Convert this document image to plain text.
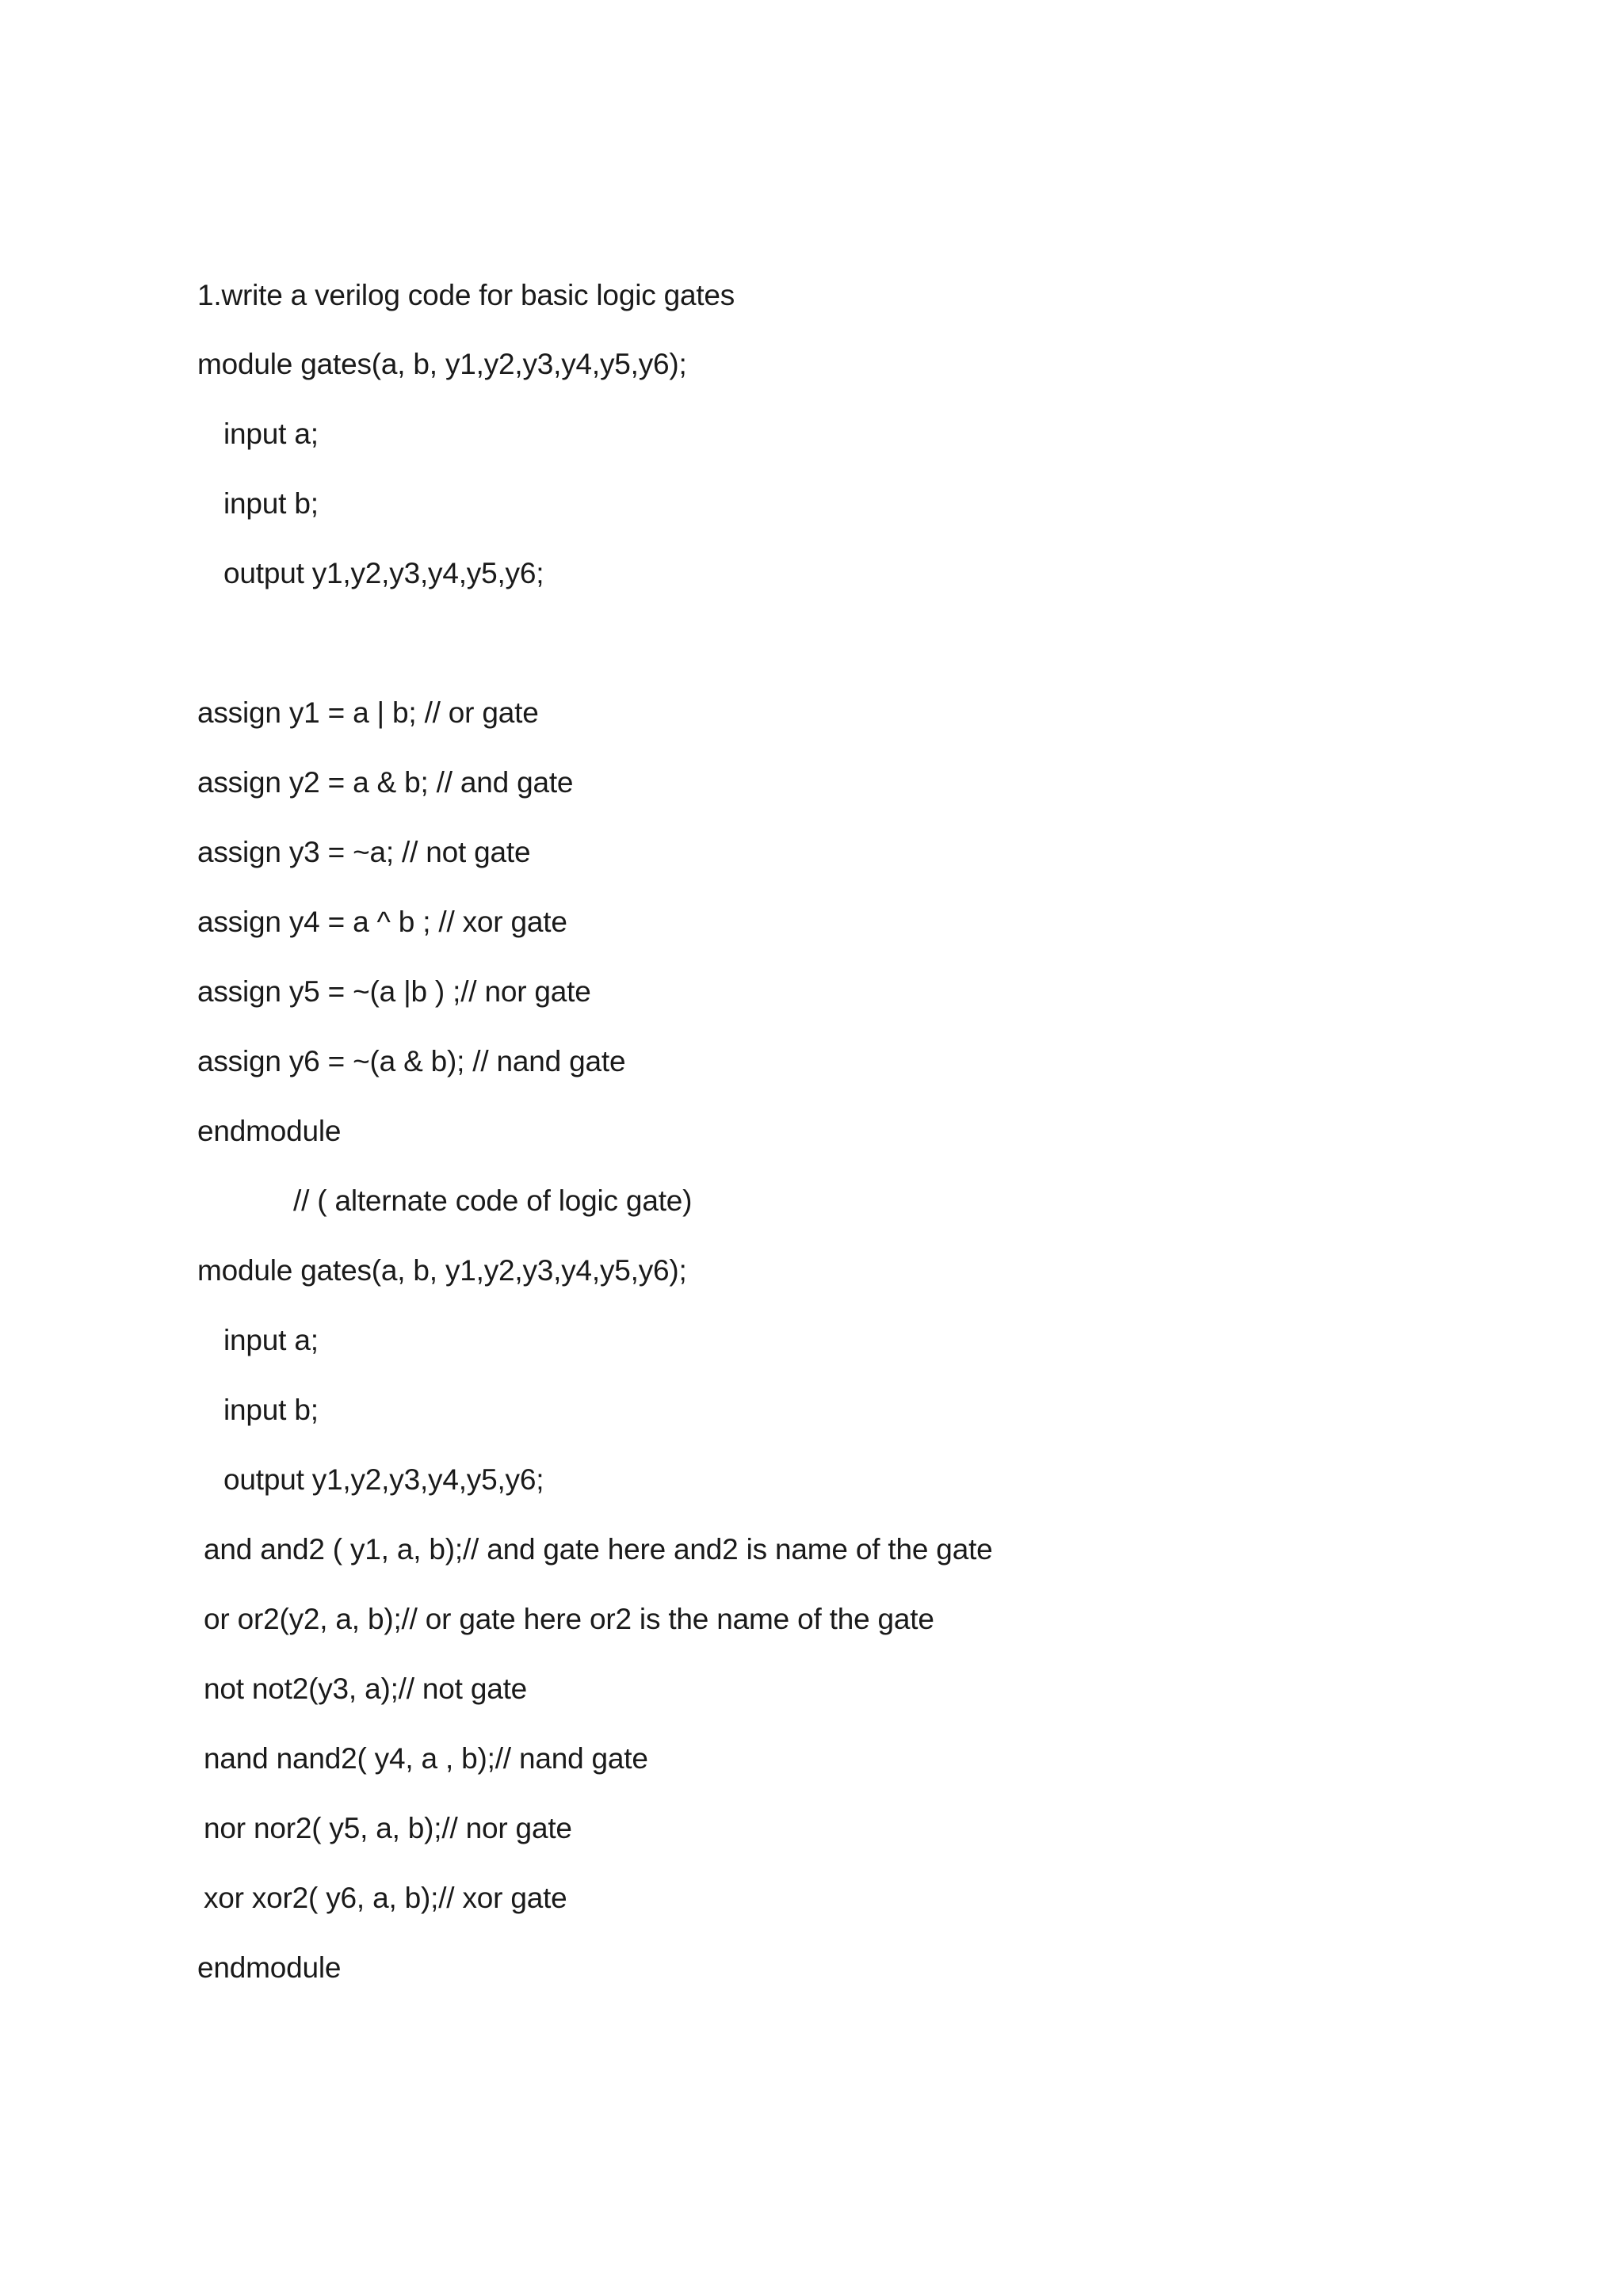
1.write a verilog code for basic logic gates
module gates(a, b, y1,y2,y3,y4,y5,y6);
input a;
input b;
output y1,y2,y3,y4,y5,y6;
assign y1 = a | b; // or gate
assign y2 = a & b; // and gate
assign y3 = ~a; // not gate
assign y4 = a ^ b ; // xor gate
assign y5 = ~(a |b ) ;// nor gate
assign y6 = ~(a & b); // nand gate
endmodule
// ( alternate code of logic gate)
module gates(a, b, y1,y2,y3,y4,y5,y6);
input a;
input b;
output y1,y2,y3,y4,y5,y6;
and and2 ( y1, a, b);// and gate here and2 is name of the gate
or or2(y2, a, b);// or gate here or2 is the name of the gate
not not2(y3, a);// not gate
nand nand2( y4, a , b);// nand gate
nor nor2( y5, a, b);// nor gate
xor xor2( y6, a, b);// xor gate
endmodule
